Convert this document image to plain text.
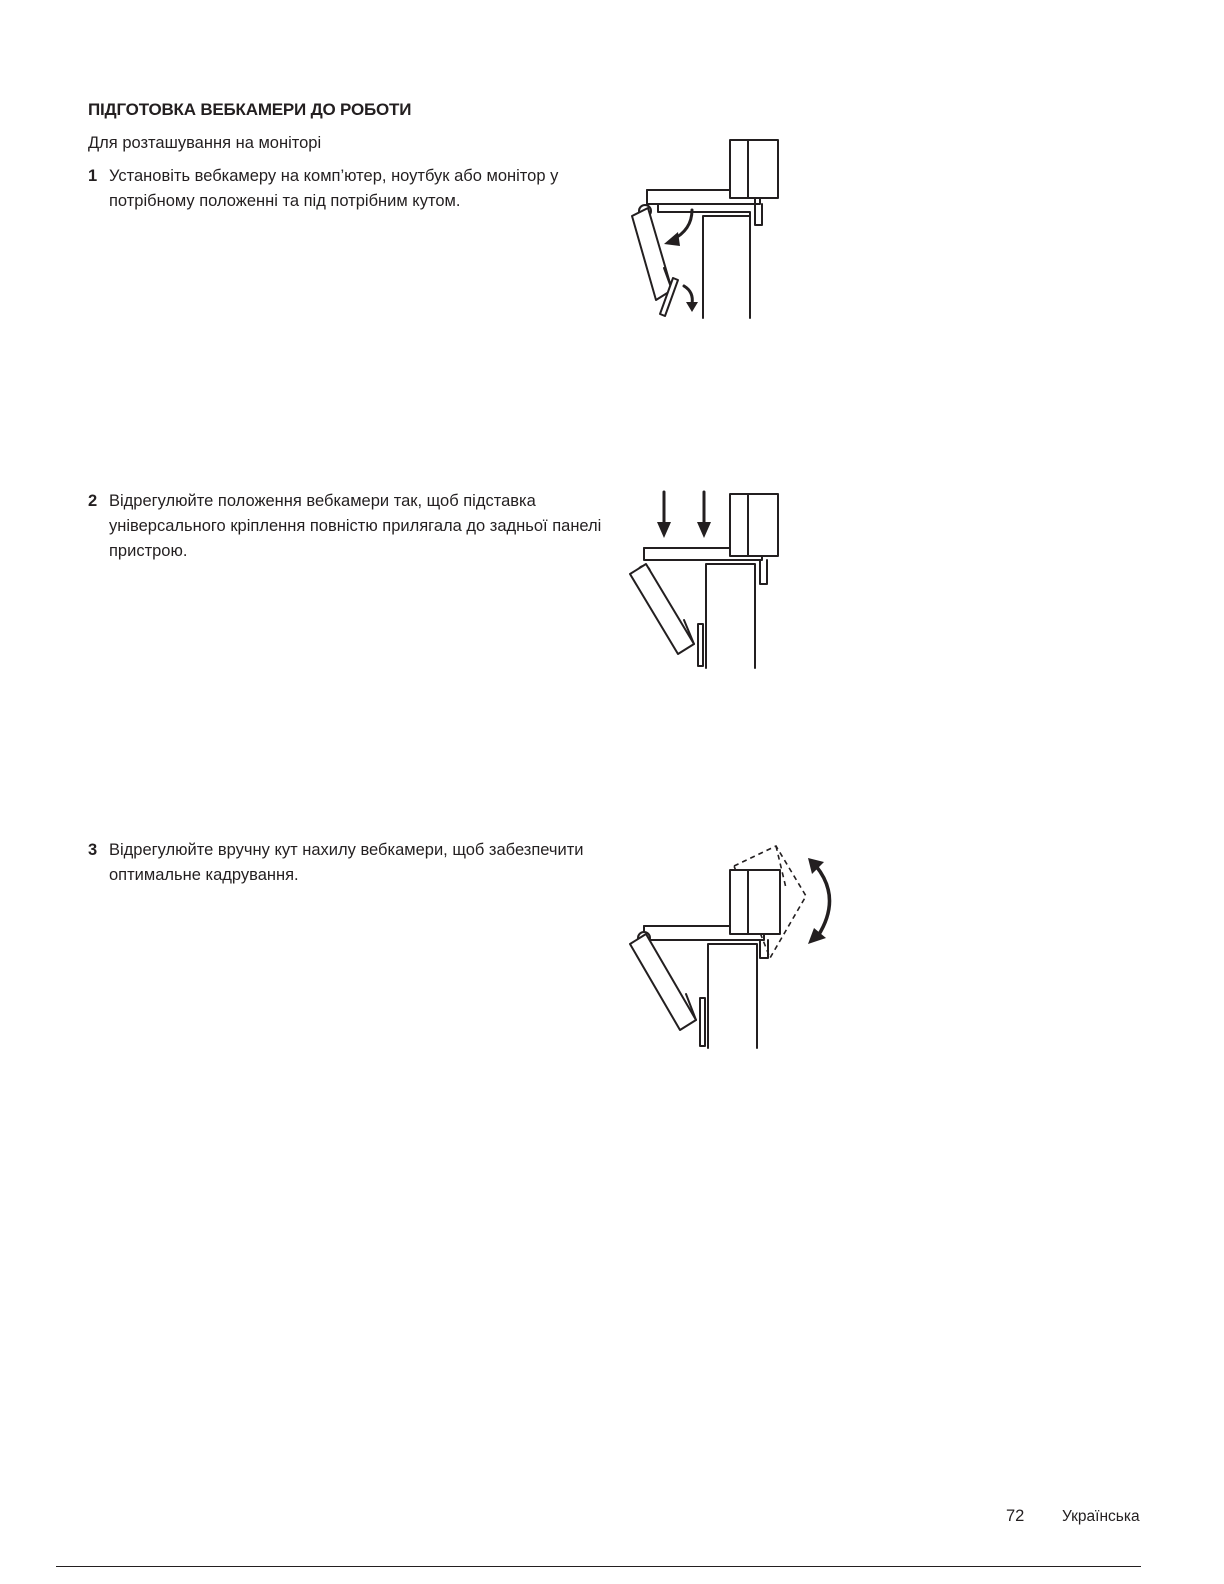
ПІДГОТОВКА ВЕБКАМЕРИ ДО РОБОТИ

Для розташування на моніторі

1 Установіть вебкамеру на комп’ютер, ноутбук або монітор у потрібному положенні та під потрібним кутом.
2 Відрегулюйте положення вебкамери так, щоб підставка універсального кріплення повністю прилягала до задньої панелі пристрою.
3 Відрегулюйте вручну кут нахилу вебкамери, щоб забезпечити оптимальне кадрування.

72 Українська
